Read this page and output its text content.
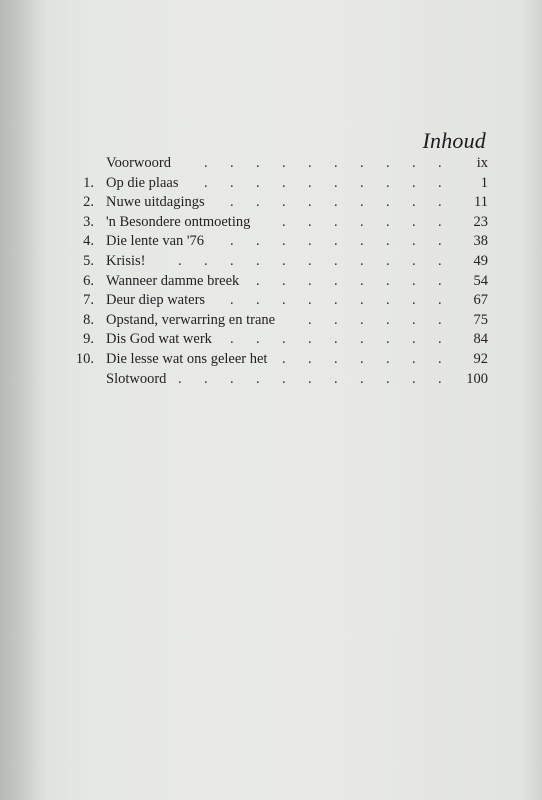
Inhoud
Voorwoord	ix
.
.
.
.
.
.
.
.
.
.
1. Op die plaas	1
.
.
.
.
.
.
.
.
.
.
2. Nuwe uitdagings	11
.
.
.
.
.
.
.
.
.
3. 'n Besondere ontmoeting	23
.
.
.
.
.
.
.
4. Die lente van '76	38
.
.
.
.
.
.
.
.
.
5. Krisis!	49
.
.
.
.
.
.
.
.
.
.
.
6. Wanneer damme breek	54
.
.
.
.
.
.
.
.
7. Deur diep waters	67
.
.
.
.
.
.
.
.
.
8. Opstand, verwarring en trane	75
.
.
.
.
.
.
9. Dis God wat werk	84
.
.
.
.
.
.
.
.
.
10. Die lesse wat ons geleer het	92
.
.
.
.
.
.
.
Slotwoord	100
.
.
.
.
.
.
.
.
.
.
.
